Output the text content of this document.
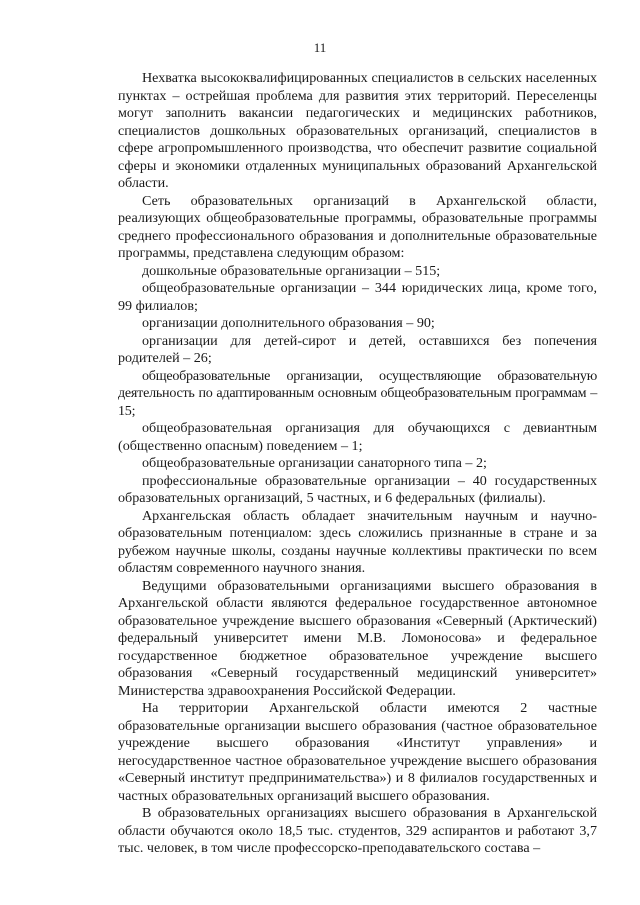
11

Нехватка высококвалифицированных специалистов в сельских населенных пунктах – острейшая проблема для развития этих территорий. Переселенцы могут заполнить вакансии педагогических и медицинских работников, специалистов дошкольных образовательных организаций, специалистов в сфере агропромышленного производства, что обеспечит развитие социальной сферы и экономики отдаленных муниципальных образований Архангельской области.

Сеть образовательных организаций в Архангельской области, реализующих общеобразовательные программы, образовательные программы среднего профессионального образования и дополнительные образовательные программы, представлена следующим образом:

дошкольные образовательные организации – 515;

общеобразовательные организации – 344 юридических лица, кроме того, 99 филиалов;

организации дополнительного образования – 90;

организации для детей-сирот и детей, оставшихся без попечения родителей – 26;

общеобразовательные организации, осуществляющие образовательную деятельность по адаптированным основным общеобразовательным программам – 15;

общеобразовательная организация для обучающихся с девиантным (общественно опасным) поведением – 1;

общеобразовательные организации санаторного типа – 2;

профессиональные образовательные организации – 40 государственных образовательных организаций, 5 частных, и 6 федеральных (филиалы).

Архангельская область обладает значительным научным и научно-образовательным потенциалом: здесь сложились признанные в стране и за рубежом научные школы, созданы научные коллективы практически по всем областям современного научного знания.

Ведущими образовательными организациями высшего образования в Архангельской области являются федеральное государственное автономное образовательное учреждение высшего образования «Северный (Арктический) федеральный университет имени М.В. Ломоносова» и федеральное государственное бюджетное образовательное учреждение высшего образования «Северный государственный медицинский университет» Министерства здравоохранения Российской Федерации.

На территории Архангельской области имеются 2 частные образовательные организации высшего образования (частное образовательное учреждение высшего образования «Институт управления» и негосударственное частное образовательное учреждение высшего образования «Северный институт предпринимательства») и 8 филиалов государственных и частных образовательных организаций высшего образования.

В образовательных организациях высшего образования в Архангельской области обучаются около 18,5 тыс. студентов, 329 аспирантов и работают 3,7 тыс. человек, в том числе профессорско-преподавательского состава –
